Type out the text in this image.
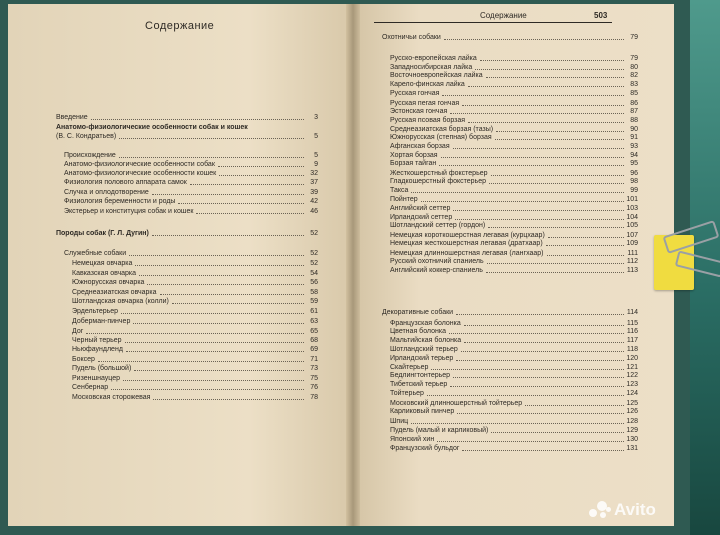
Содержание
Содержание	503
Введение	3
Анатомо-физиологические особенности собак и кошек
(В. С. Кондратьев)	5
Происхождение	5
Анатомо-физиологические особенности собак	9
Анатомо-физиологические особенности кошек	32
Физиология полового аппарата самок	37
Случка и оплодотворение	39
Физиология беременности и роды	42
Экстерьер и конституция собак и кошек	46
Породы собак (Г. Л. Дугин)	52
Служебные собаки	52
Немецкая овчарка	52
Кавказская овчарка	54
Южнорусская овчарка	56
Среднеазиатская овчарка	58
Шотландская овчарка (колли)	59
Эрдельтерьер	61
Доберман-пинчер	63
Дог	65
Черный терьер	68
Ньюфаундленд	69
Боксер	71
Пудель (большой)	73
Ризеншнауцер	75
Сенбернар	76
Московская сторожевая	78
Охотничьи собаки	79
Русско-европейская лайка	79
Западносибирская лайка	80
Восточноевропейская лайка	82
Карело-финская лайка	83
Русская гончая	85
Русская пегая гончая	86
Эстонская гончая	87
Русская псовая борзая	88
Среднеазиатская борзая (тазы)	90
Южнорусская (степная) борзая	91
Афганская борзая	93
Хортая борзая	94
Борзая тайган	95
Жесткошерстный фокстерьер	96
Гладкошерстный фокстерьер	98
Такса	99
Пойнтер	101
Английский сеттер	103
Ирландский сеттер	104
Шотландский сеттер (гордон)	105
Немецкая короткошерстная легавая (курцхаар)	107
Немецкая жесткошерстная легавая (дратхаар)	109
Немецкая длинношерстная легавая (лангхаар)	111
Русский охотничий спаниель	112
Английский коккер-спаниель	113
Декоративные собаки	114
Французская болонка	115
Цветная болонка	116
Мальтийская болонка	117
Шотландский терьер	118
Ирландский терьер	120
Скайтерьер	121
Бедлингтонтерьер	122
Тибетский терьер	123
Тойтерьер	124
Московский длинношерстный тойтерьер	125
Карликовый пинчер	126
Шпиц	128
Пудель (малый и карликовый)	129
Японский хин	130
Французский бульдог	131
Avito
